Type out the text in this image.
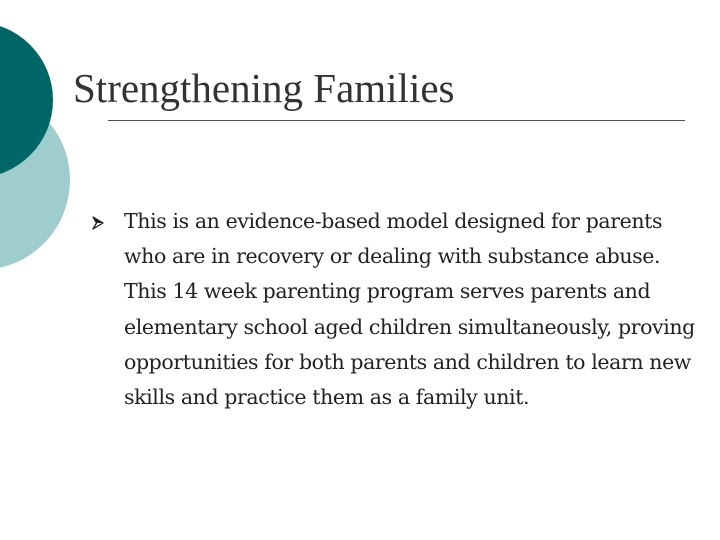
Strengthening Families

This is an evidence-based model designed for parents who are in recovery or dealing with substance abuse. This 14 week parenting program serves parents and elementary school aged children simultaneously, proving opportunities for both parents and children to learn new skills and practice them as a family unit.
